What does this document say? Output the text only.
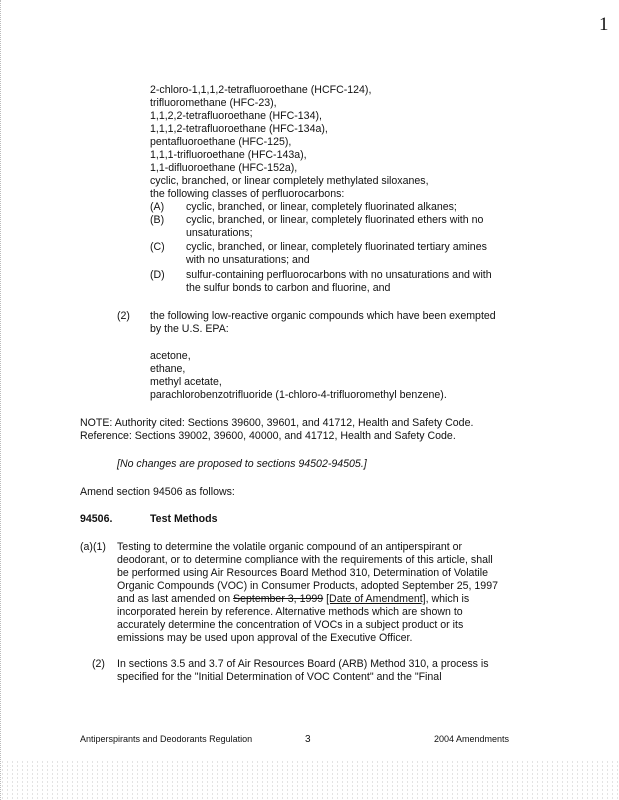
1
2-chloro-1,1,1,2-tetrafluoroethane (HCFC-124),
trifluoromethane (HFC-23),
1,1,2,2-tetrafluoroethane (HFC-134),
1,1,1,2-tetrafluoroethane (HFC-134a),
pentafluoroethane (HFC-125),
1,1,1-trifluoroethane (HFC-143a),
1,1-difluoroethane (HFC-152a),
cyclic, branched, or linear completely methylated siloxanes,
the following classes of perfluorocarbons:
(A) cyclic, branched, or linear, completely fluorinated alkanes;
(B) cyclic, branched, or linear, completely fluorinated ethers with no
unsaturations;
(C) cyclic, branched, or linear, completely fluorinated tertiary amines
with no unsaturations; and
(D) sulfur-containing perfluorocarbons with no unsaturations and with
the sulfur bonds to carbon and fluorine, and
(2) the following low-reactive organic compounds which have been exempted
by the U.S. EPA:
acetone,
ethane,
methyl acetate,
parachlorobenzotrifluoride (1-chloro-4-trifluoromethyl benzene).
NOTE: Authority cited: Sections 39600, 39601, and 41712, Health and Safety Code.
Reference: Sections 39002, 39600, 40000, and 41712, Health and Safety Code.
[No changes are proposed to sections 94502-94505.]
Amend section 94506 as follows:
94506.	Test Methods
(a)(1) Testing to determine the volatile organic compound of an antiperspirant or
deodorant, or to determine compliance with the requirements of this article, shall
be performed using Air Resources Board Method 310, Determination of Volatile
Organic Compounds (VOC) in Consumer Products, adopted September 25, 1997
and as last amended on September 3, 1999 [Date of Amendment], which is
incorporated herein by reference. Alternative methods which are shown to
accurately determine the concentration of VOCs in a subject product or its
emissions may be used upon approval of the Executive Officer.
(2) In sections 3.5 and 3.7 of Air Resources Board (ARB) Method 310, a process is
specified for the "Initial Determination of VOC Content" and the "Final
Antiperspirants and Deodorants Regulation	3	2004 Amendments
